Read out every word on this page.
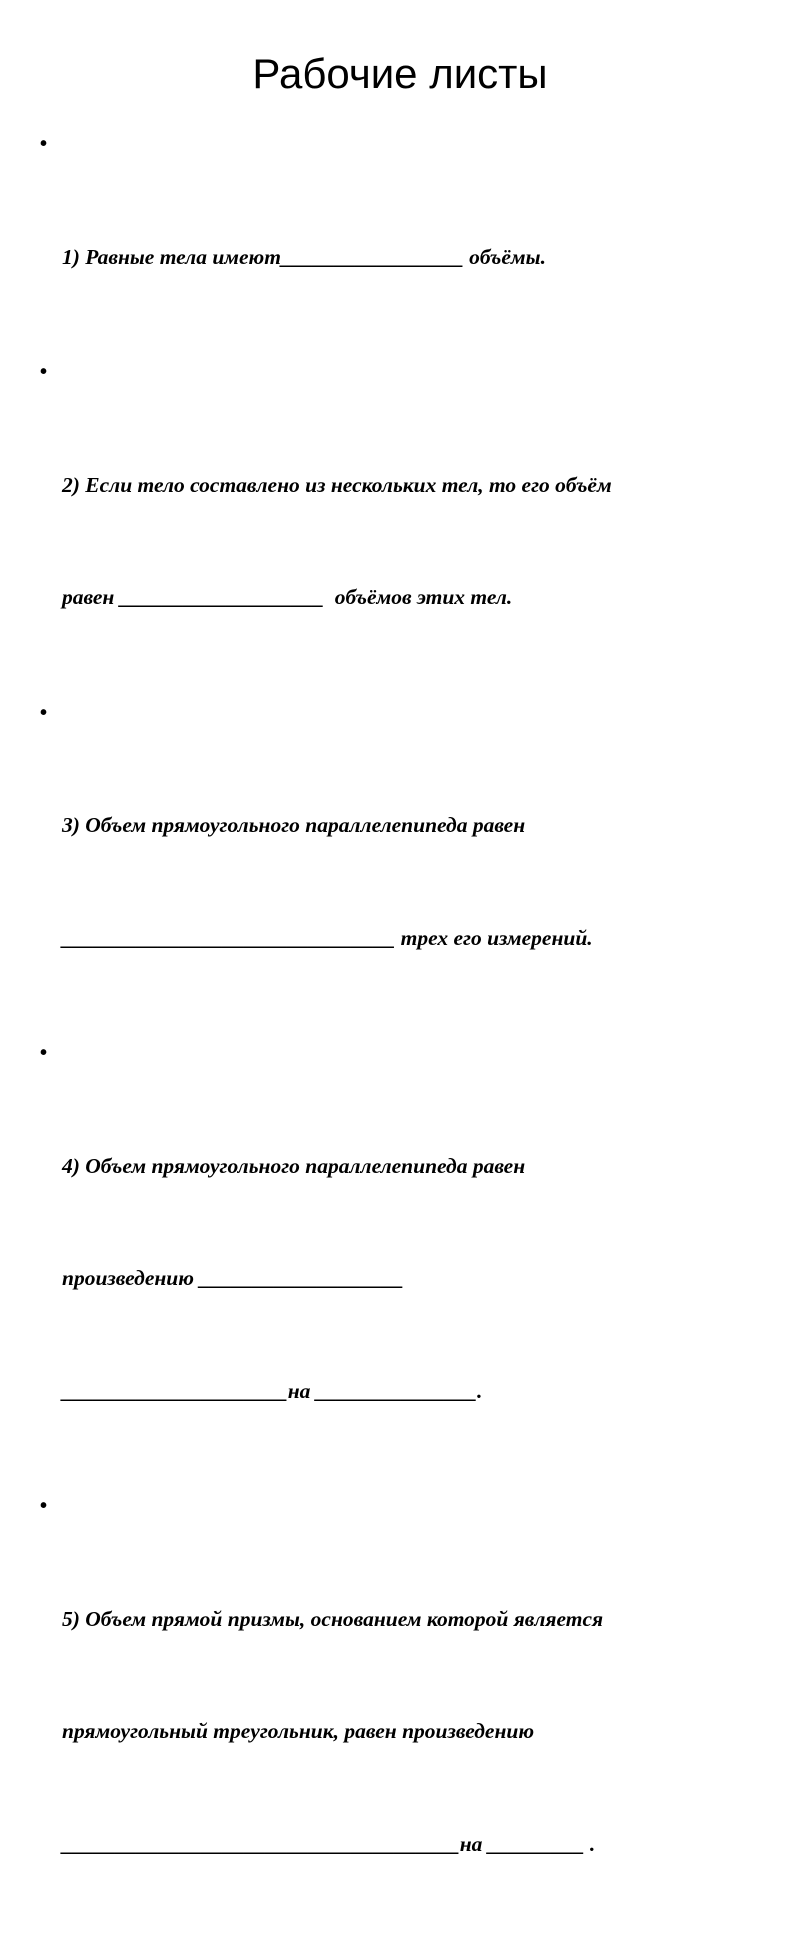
Рабочие листы

•

1) Равные тела имеют_________________ объёмы.

•

2) Если тело составлено из нескольких тел, то его объём

равен ___________________  объёмов этих тел.

•

3) Объем прямоугольного параллелепипеда равен

_______________________________ трех его измерений.

•

4) Объем прямоугольного параллелепипеда равен

произведению ___________________

_____________________на _______________.

•

5) Объем прямой призмы, основанием которой является

прямоугольный треугольник, равен произведению

_____________________________________на _________ .
